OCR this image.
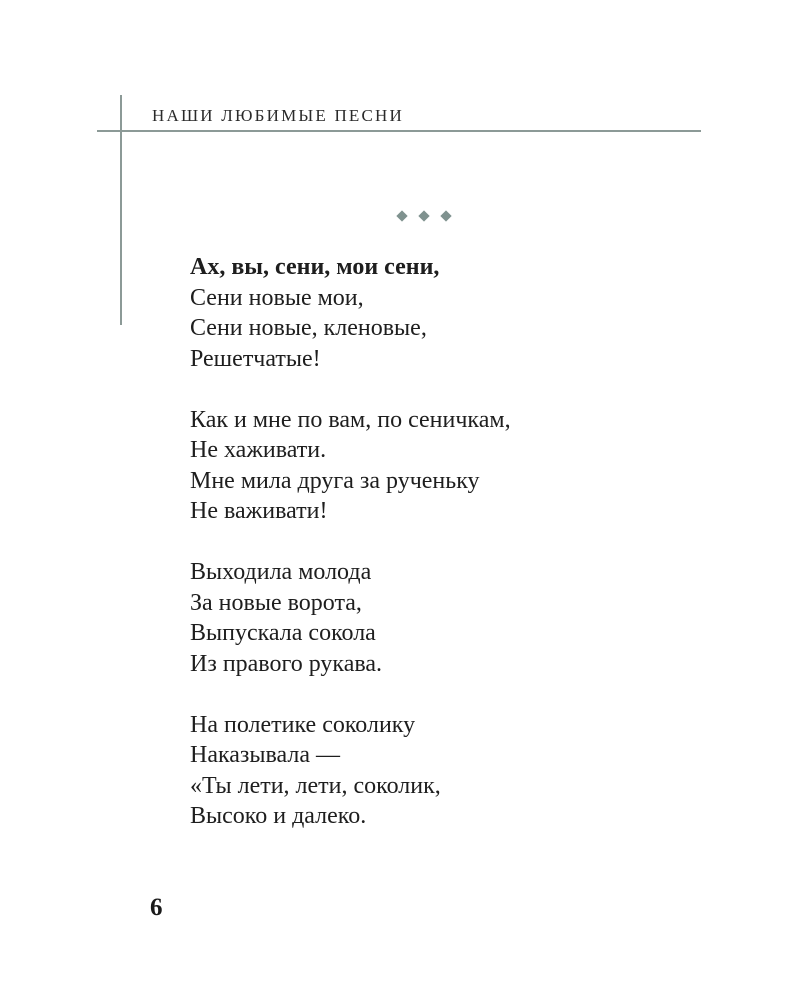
НАШИ ЛЮБИМЫЕ ПЕСНИ
Ах, вы, сени, мои сени,
Сени новые мои,
Сени новые, кленовые,
Решетчатые!
Как и мне по вам, по сеничкам,
Не хаживати.
Мне мила друга за рученьку
Не важивати!
Выходила молода
За новые ворота,
Выпускала сокола
Из правого рукава.
На полетике соколику
Наказывала —
«Ты лети, лети, соколик,
Высоко и далеко.
6
